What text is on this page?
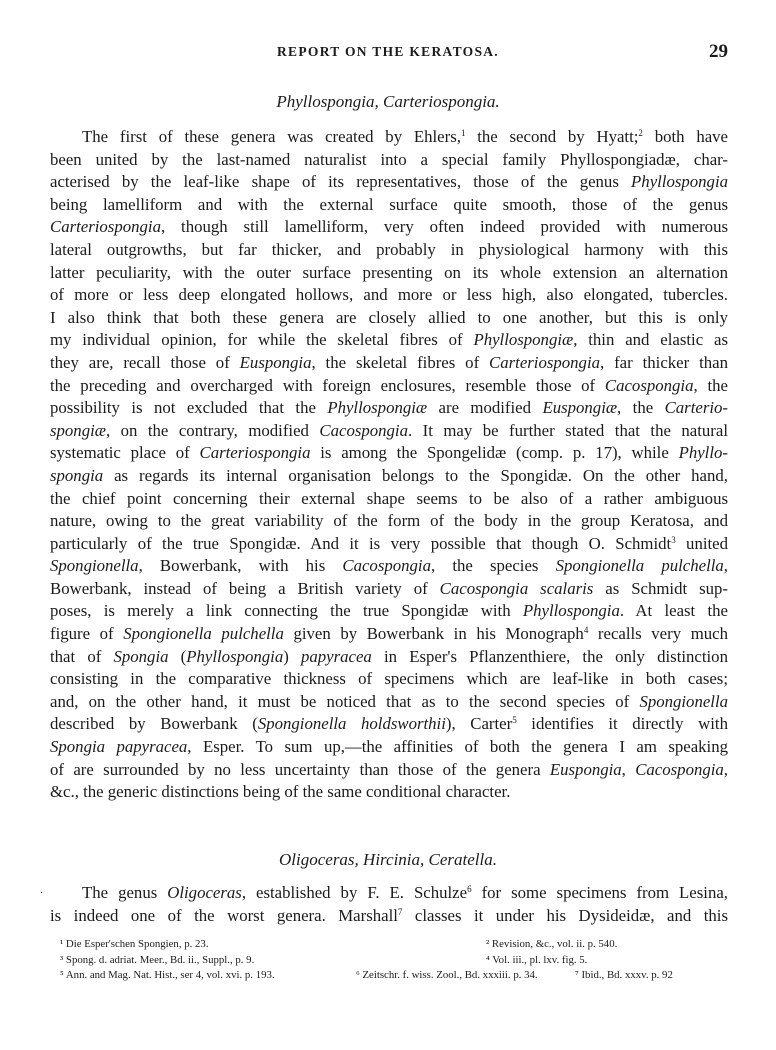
REPORT ON THE KERATOSA.	29
Phyllospongia, Carteriospongia.
The first of these genera was created by Ehlers,$^1$ the second by Hyatt;$^2$ both have
been united by the last-named naturalist into a special family Phyllospongiadæ, char-
acterised by the leaf-like shape of its representatives, those of the genus Phyllospongia
being lamelliform and with the external surface quite smooth, those of the genus
Carteriospongia, though still lamelliform, very often indeed provided with numerous
lateral outgrowths, but far thicker, and probably in physiological harmony with this
latter peculiarity, with the outer surface presenting on its whole extension an alternation
of more or less deep elongated hollows, and more or less high, also elongated, tubercles.
I also think that both these genera are closely allied to one another, but this is only
my individual opinion, for while the skeletal fibres of Phyllospongiæ, thin and elastic as
they are, recall those of Euspongia, the skeletal fibres of Carteriospongia, far thicker than
the preceding and overcharged with foreign enclosures, resemble those of Cacospongia, the
possibility is not excluded that the Phyllospongiæ are modified Euspongiæ, the Carterio-
spongiæ, on the contrary, modified Cacospongia. It may be further stated that the natural
systematic place of Carteriospongia is among the Spongelidæ (comp. p. 17), while Phyllo-
spongia as regards its internal organisation belongs to the Spongidæ. On the other hand,
the chief point concerning their external shape seems to be also of a rather ambiguous
nature, owing to the great variability of the form of the body in the group Keratosa, and
particularly of the true Spongidæ. And it is very possible that though O. Schmidt$^3$ united
Spongionella, Bowerbank, with his Cacospongia, the species Spongionella pulchella,
Bowerbank, instead of being a British variety of Cacospongia scalaris as Schmidt sup-
poses, is merely a link connecting the true Spongidæ with Phyllospongia. At least the
figure of Spongionella pulchella given by Bowerbank in his Monograph$^4$ recalls very much
that of Spongia (Phyllospongia) papyracea in Esper's Pflanzenthiere, the only distinction
consisting in the comparative thickness of specimens which are leaf-like in both cases;
and, on the other hand, it must be noticed that as to the second species of Spongionella
described by Bowerbank (Spongionella holdsworthii), Carter$^5$ identifies it directly with
Spongia papyracea, Esper. To sum up,—the affinities of both the genera I am speaking
of are surrounded by no less uncertainty than those of the genera Euspongia, Cacospongia,
&c., the generic distinctions being of the same conditional character.
Oligoceras, Hircinia, Ceratella.
·	The genus Oligoceras, established by F. E. Schulze$^6$ for some specimens from Lesina,
is indeed one of the worst genera. Marshall$^7$ classes it under his Dysideidæ, and this
¹ Die Esper'schen Spongien, p. 23.	² Revision, &c., vol. ii. p. 540.
³ Spong. d. adriat. Meer., Bd. ii., Suppl., p. 9.	⁴ Vol. iii., pl. lxv. fig. 5.
⁵ Ann. and Mag. Nat. Hist., ser 4, vol. xvi. p. 193.	⁶ Zeitschr. f. wiss. Zool., Bd. xxxiii. p. 34.	⁷ Ibid., Bd. xxxv. p. 92
